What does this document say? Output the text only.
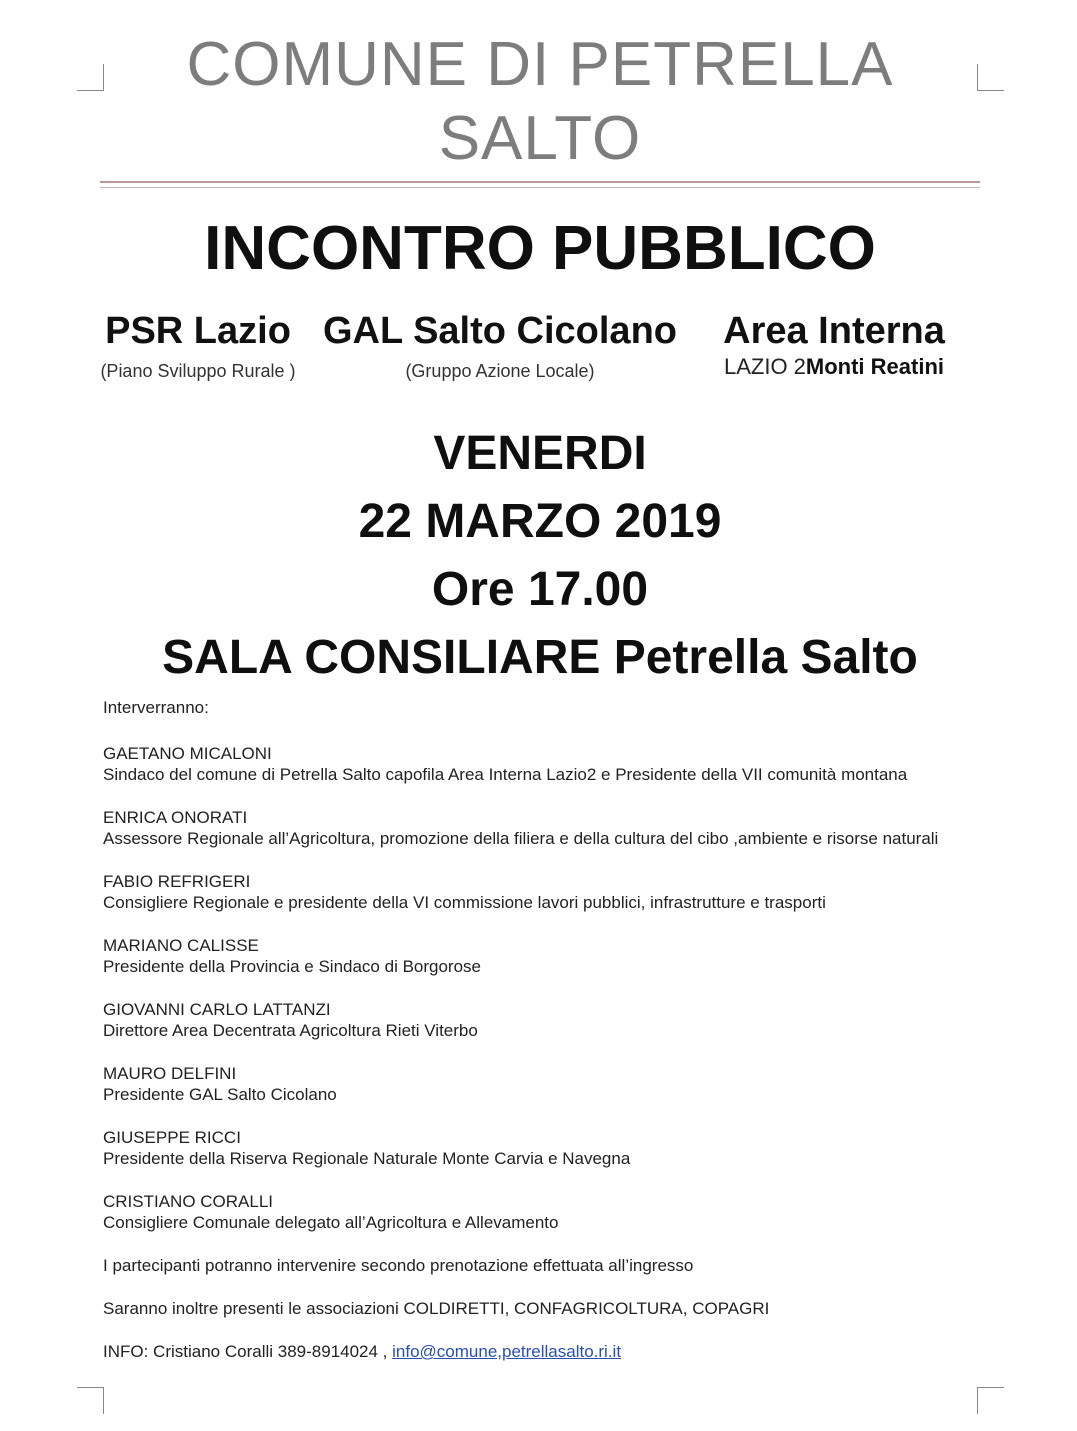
COMUNE DI PETRELLA
SALTO
INCONTRO PUBBLICO
PSR Lazio
(Piano Sviluppo Rurale )
GAL Salto Cicolano
(Gruppo Azione Locale)
Area Interna
LAZIO 2Monti Reatini
VENERDI
22 MARZO 2019
Ore 17.00
SALA CONSILIARE Petrella Salto
Interverranno:
GAETANO MICALONI
Sindaco del comune di Petrella Salto capofila Area Interna Lazio2 e Presidente della VII comunità montana
ENRICA ONORATI
Assessore Regionale all’Agricoltura, promozione della filiera e della cultura del cibo ,ambiente e risorse naturali
FABIO REFRIGERI
Consigliere Regionale e presidente della VI commissione lavori pubblici, infrastrutture e trasporti
MARIANO CALISSE
Presidente della Provincia e Sindaco di Borgorose
GIOVANNI CARLO LATTANZI
Direttore Area Decentrata Agricoltura Rieti Viterbo
MAURO DELFINI
Presidente GAL Salto Cicolano
GIUSEPPE RICCI
Presidente della Riserva Regionale Naturale Monte Carvia e Navegna
CRISTIANO CORALLI
Consigliere Comunale delegato all’Agricoltura e Allevamento

I partecipanti potranno intervenire secondo prenotazione effettuata all’ingresso

Saranno inoltre presenti le associazioni COLDIRETTI, CONFAGRICOLTURA, COPAGRI

INFO: Cristiano Coralli 389-8914024 , info@comune,petrellasalto.ri.it
